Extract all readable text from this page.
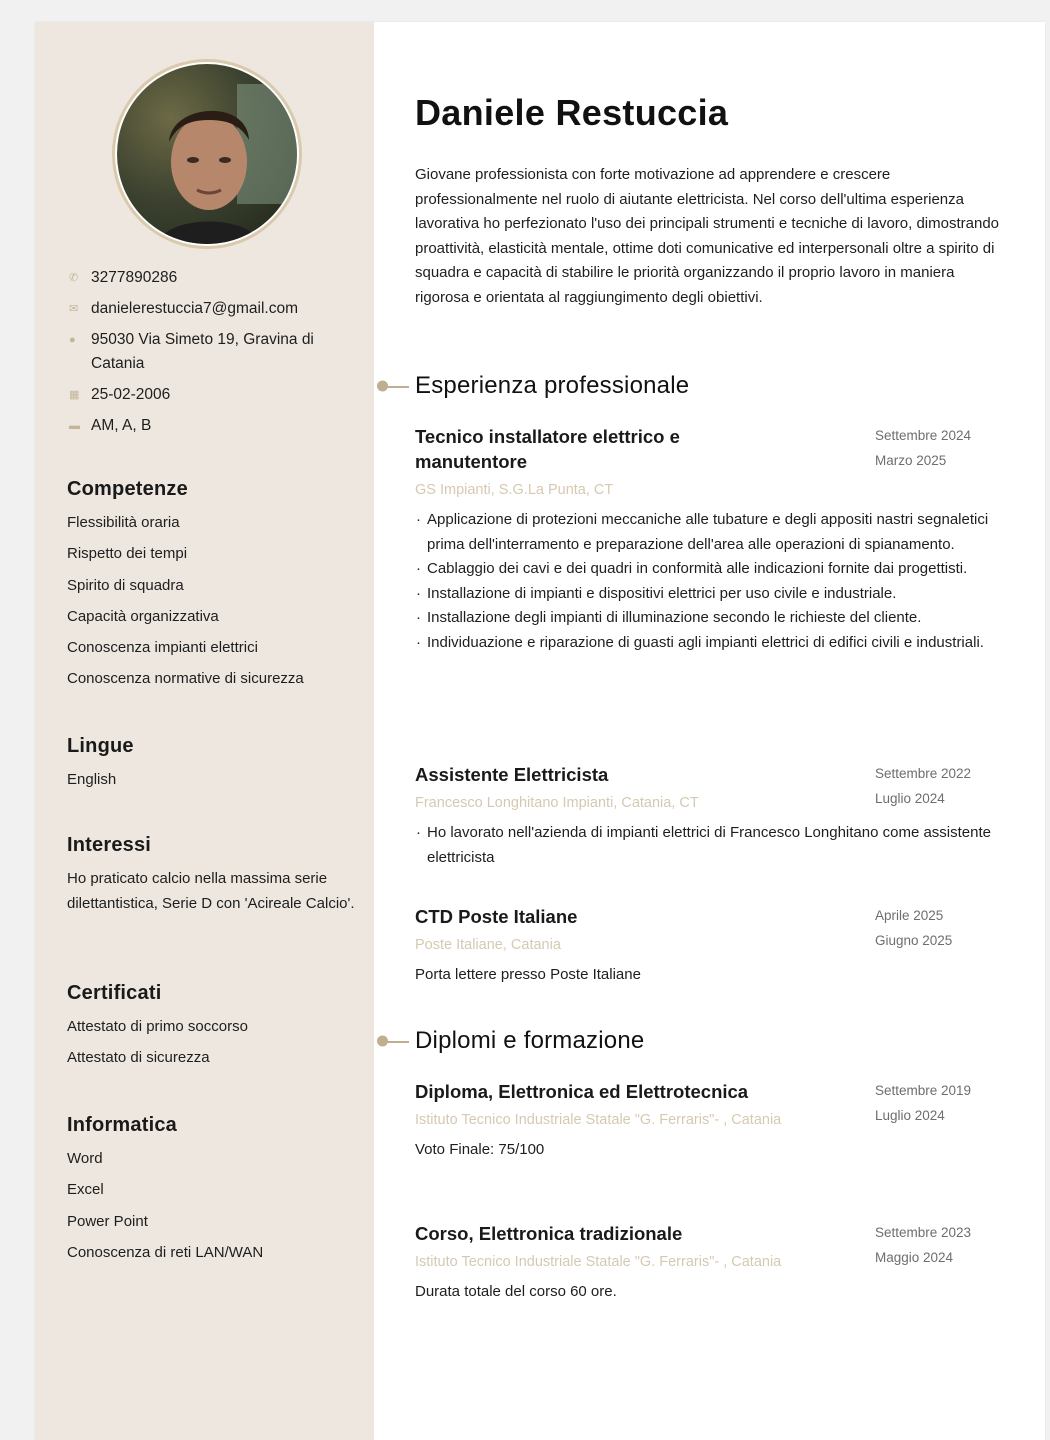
✆ 3277890286
✉ danielerestuccia7@gmail.com
● 95030 Via Simeto 19, Gravina di Catania
▦ 25-02-2006
▬ AM, A, B
Competenze
Flessibilità oraria
Rispetto dei tempi
Spirito di squadra
Capacità organizzativa
Conoscenza impianti elettrici
Conoscenza normative di sicurezza
Lingue
English
Interessi
Ho praticato calcio nella massima serie dilettantistica, Serie D con 'Acireale Calcio'.
Certificati
Attestato di primo soccorso
Attestato di sicurezza
Informatica
Word
Excel
Power Point
Conoscenza di reti LAN/WAN
Daniele Restuccia

Giovane professionista con forte motivazione ad apprendere e crescere professionalmente nel ruolo di aiutante elettricista. Nel corso dell'ultima esperienza lavorativa ho perfezionato l'uso dei principali strumenti e tecniche di lavoro, dimostrando proattività, elasticità mentale, ottime doti comunicative ed interpersonali oltre a spirito di squadra e capacità di stabilire le priorità organizzando il proprio lavoro in maniera rigorosa e orientata al raggiungimento degli obiettivi.

Esperienza professionale
Tecnico installatore elettrico e manutentore
Settembre 2024
Marzo 2025
GS Impianti, S.G.La Punta, CT
· Applicazione di protezioni meccaniche alle tubature e degli appositi nastri segnaletici prima dell'interramento e preparazione dell'area alle operazioni di spianamento.
· Cablaggio dei cavi e dei quadri in conformità alle indicazioni fornite dai progettisti.
· Installazione di impianti e dispositivi elettrici per uso civile e industriale.
· Installazione degli impianti di illuminazione secondo le richieste del cliente.
· Individuazione e riparazione di guasti agli impianti elettrici di edifici civili e industriali.
Assistente Elettricista	Settembre 2022
Luglio 2024
Francesco Longhitano Impianti, Catania, CT
· Ho lavorato nell'azienda di impianti elettrici di Francesco Longhitano come assistente elettricista
CTD Poste Italiane	Aprile 2025
Giugno 2025
Poste Italiane, Catania
Porta lettere presso Poste Italiane
Diplomi e formazione
Diploma, Elettronica ed Elettrotecnica	Settembre 2019
Luglio 2024
Istituto Tecnico Industriale Statale "G. Ferraris"- , Catania
Voto Finale: 75/100
Corso, Elettronica tradizionale	Settembre 2023
Maggio 2024
Istituto Tecnico Industriale Statale "G. Ferraris"- , Catania
Durata totale del corso 60 ore.
